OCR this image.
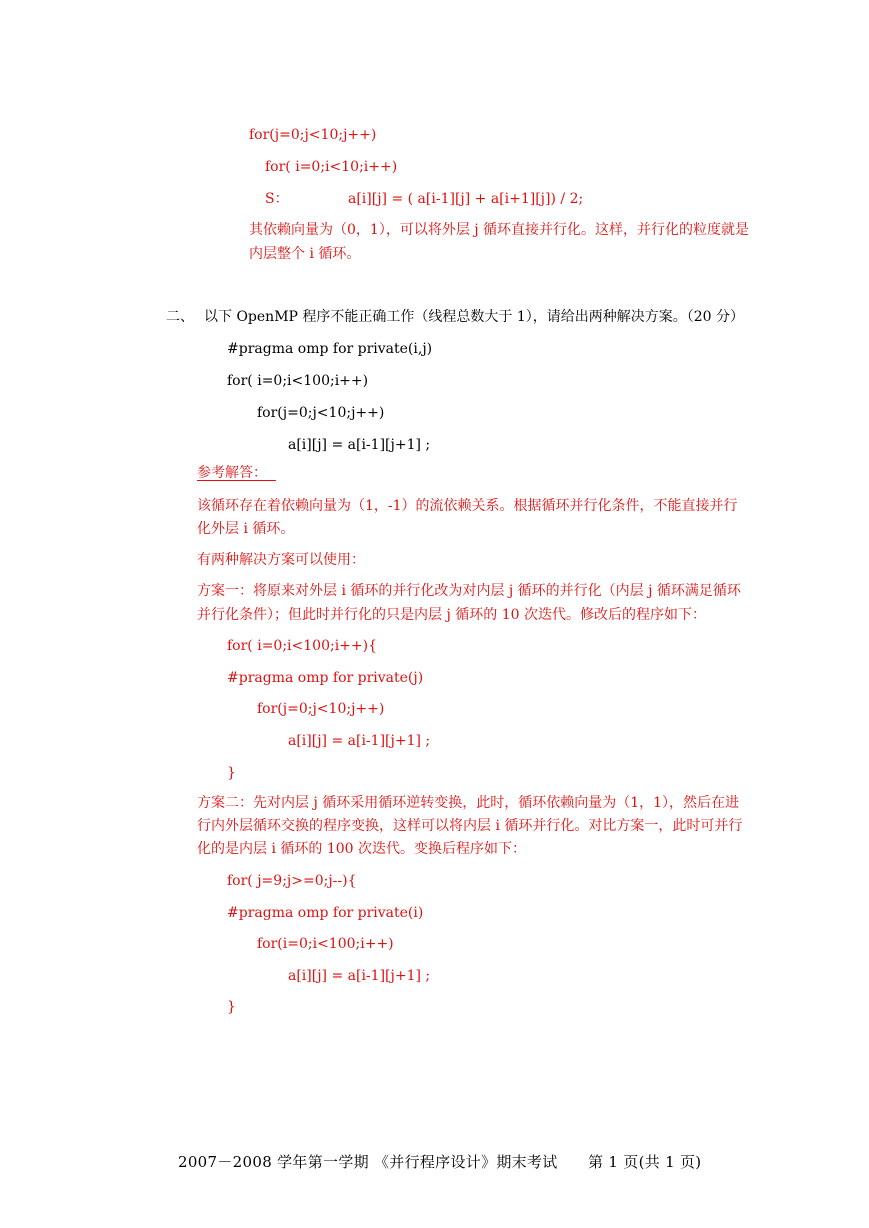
for(j=0;j<10;j++)
for( i=0;i<10;i++)
S：	a[i][j] = ( a[i-1][j] + a[i+1][j]) / 2;
其依赖向量为（0，1），可以将外层 j 循环直接并行化。这样，并行化的粒度就是
内层整个 i 循环。
二、 以下 OpenMP 程序不能正确工作（线程总数大于 1），请给出两种解决方案。（20 分）
#pragma omp for private(i,j)
for( i=0;i<100;i++)
for(j=0;j<10;j++)
a[i][j] = a[i-1][j+1] ;
参考解答：
该循环存在着依赖向量为（1，-1）的流依赖关系。根据循环并行化条件，不能直接并行
化外层 i 循环。
有两种解决方案可以使用：
方案一：将原来对外层 i 循环的并行化改为对内层 j 循环的并行化（内层 j 循环满足循环
并行化条件）；但此时并行化的只是内层 j 循环的 10 次迭代。修改后的程序如下：
for( i=0;i<100;i++){
#pragma omp for private(j)
for(j=0;j<10;j++)
a[i][j] = a[i-1][j+1] ;
}
方案二：先对内层 j 循环采用循环逆转变换，此时，循环依赖向量为（1，1），然后在进
行内外层循环交换的程序变换，这样可以将内层 i 循环并行化。对比方案一，此时可并行
化的是内层 i 循环的 100 次迭代。变换后程序如下：
for( j=9;j>=0;j--){
#pragma omp for private(i)
for(i=0;i<100;i++)
a[i][j] = a[i-1][j+1] ;
}
2007－2008 学年第一学期 《并行程序设计》期末考试      第 1 页(共 1 页)
